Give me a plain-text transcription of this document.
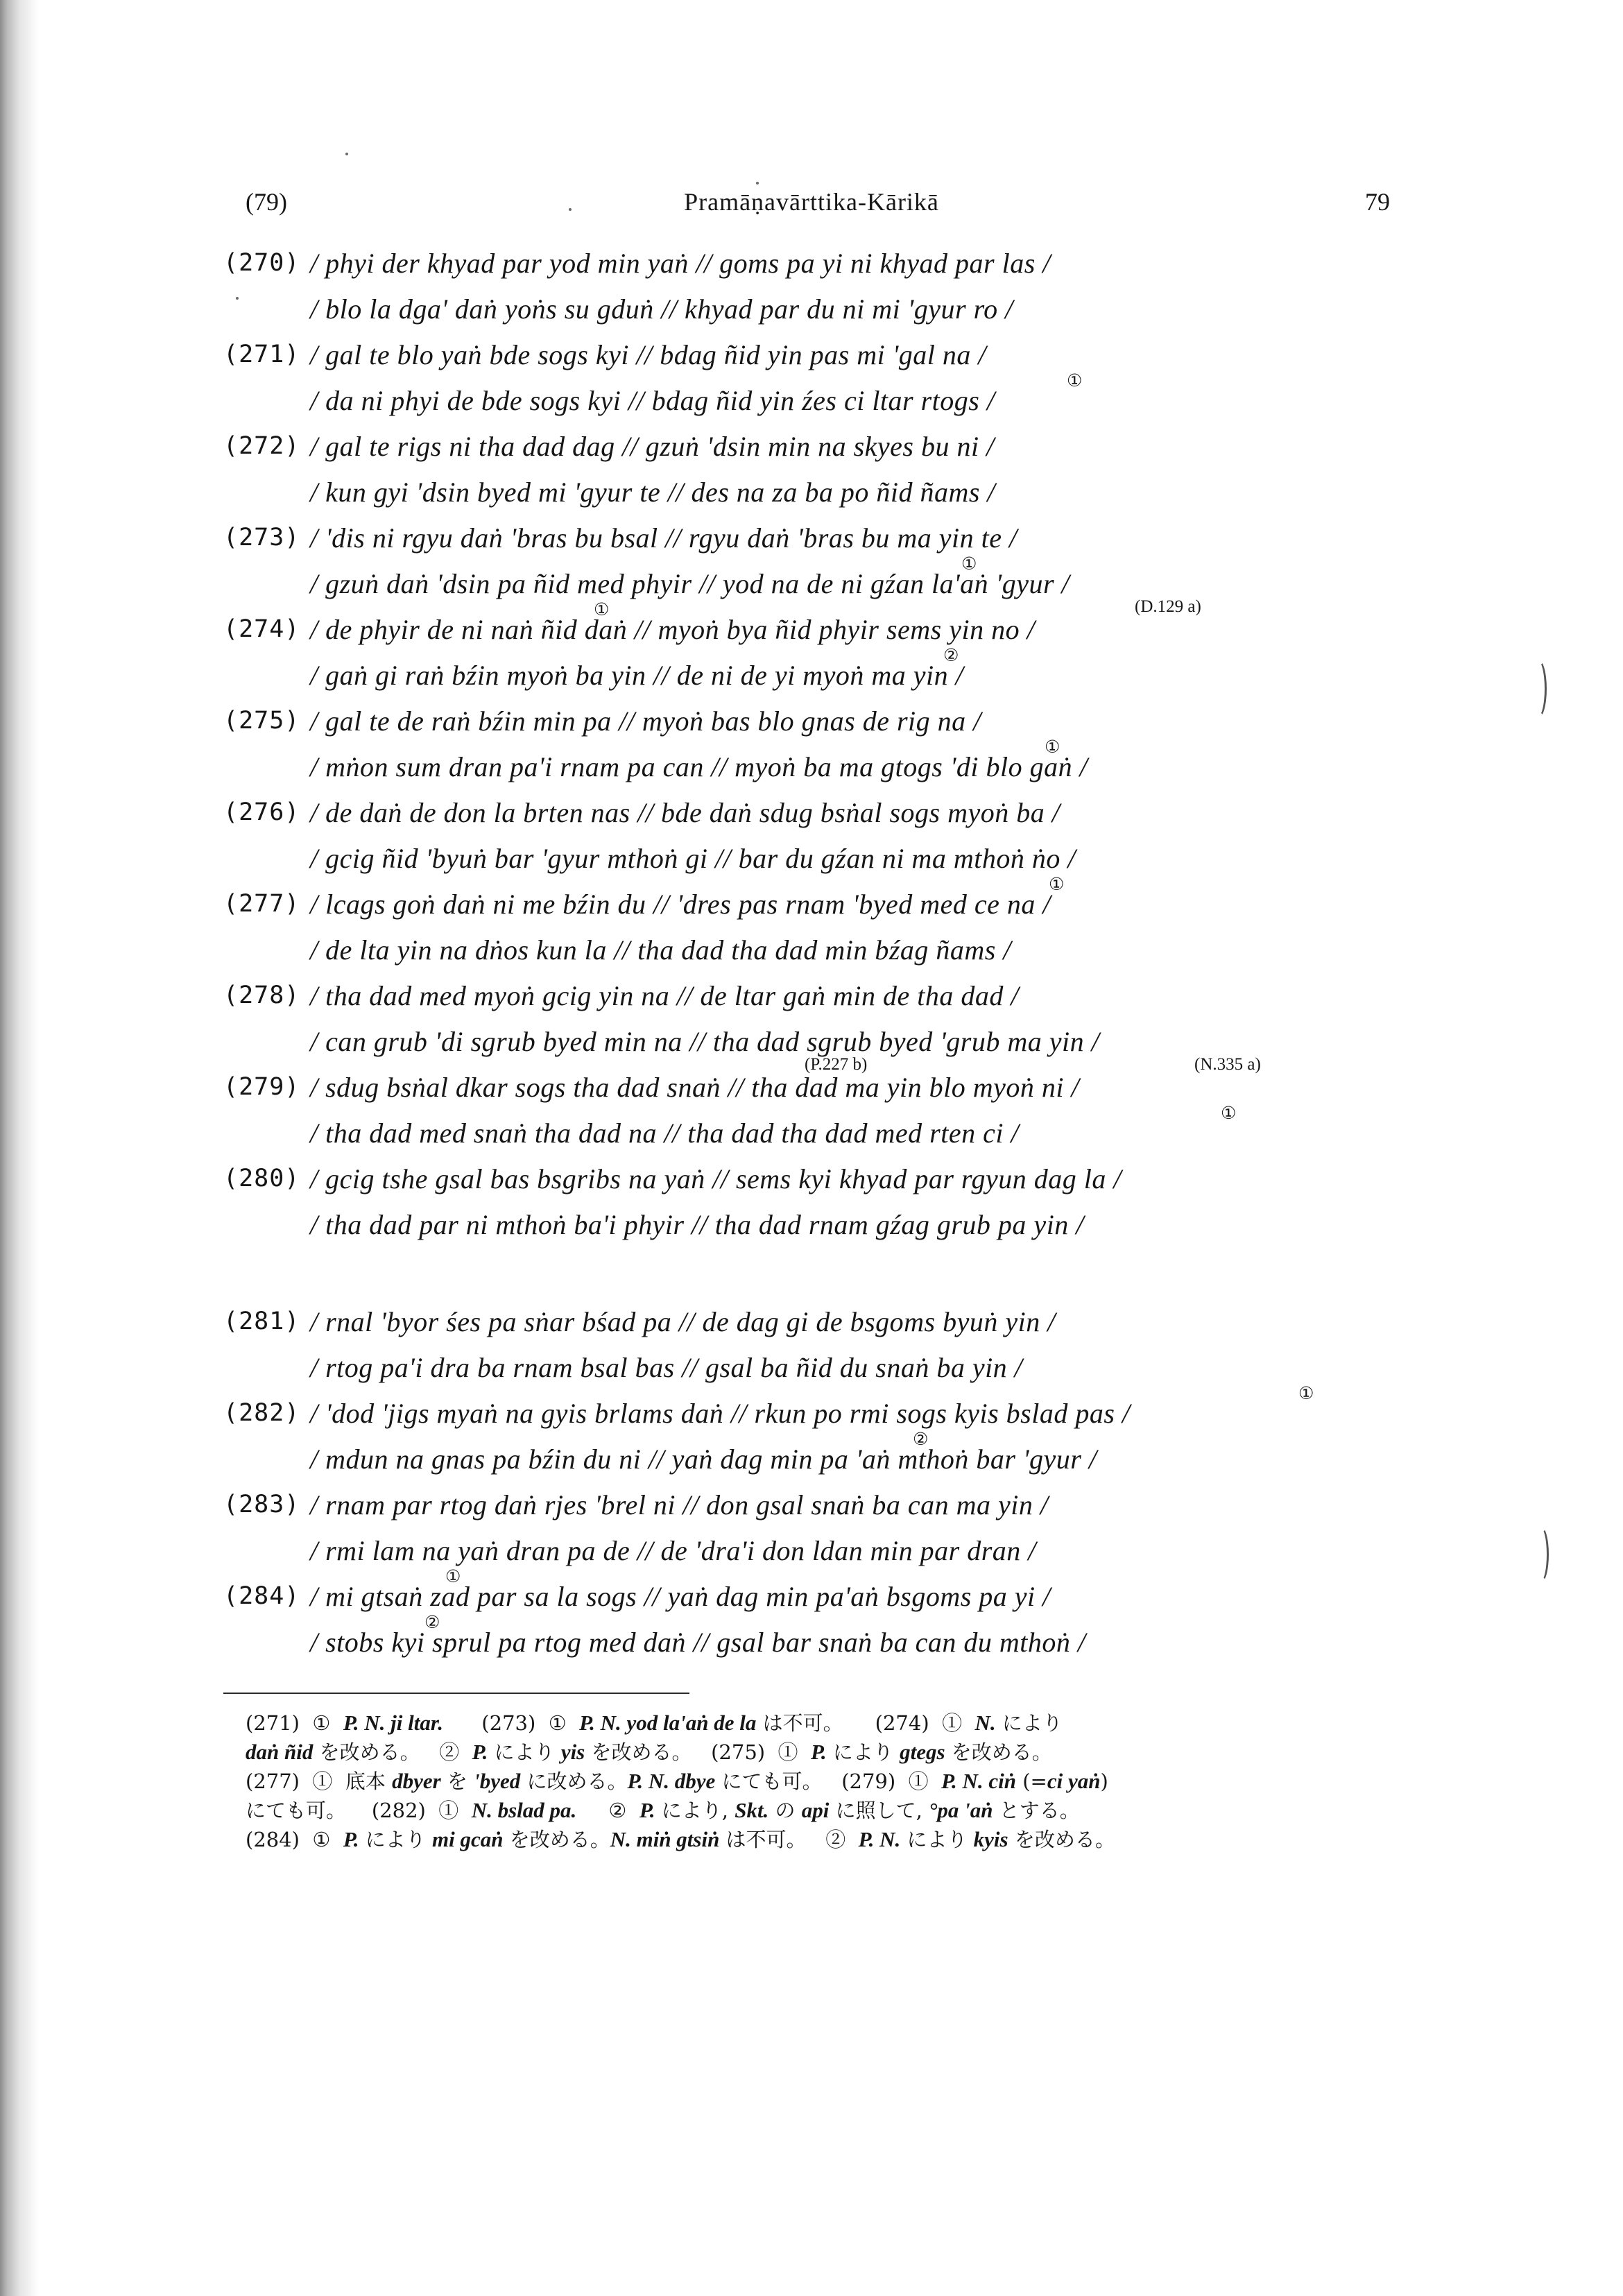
Pramāṇavārttika-Kārikā
(79)	79
(270) / phyi der khyad par yod min yaṅ // goms pa yi ni khyad par las /
/ blo la dga' daṅ yoṅs su gduṅ // khyad par du ni mi 'gyur ro /
(271) / gal te blo yaṅ bde sogs kyi // bdag ñid yin pas mi 'gal na /
/ da ni phyi de bde sogs kyi // bdag ñid yin źes ci ltar rtogs /
(272) / gal te rigs ni tha dad dag // gzuṅ 'dsin min na skyes bu ni /
/ kun gyi 'dsin byed mi 'gyur te // des na za ba po ñid ñams /
(273) / 'dis ni rgyu daṅ 'bras bu bsal // rgyu daṅ 'bras bu ma yin te /
/ gzuṅ daṅ 'dsin pa ñid med phyir // yod na de ni gźan la'aṅ 'gyur /
(274) / de phyir de ni naṅ ñid daṅ // myoṅ bya ñid phyir sems yin no /
/ gaṅ gi raṅ bźin myoṅ ba yin // de ni de yi myoṅ ma yin /
(275) / gal te de raṅ bźin min pa // myoṅ bas blo gnas de rig na /
/ mṅon sum dran pa'i rnam pa can // myoṅ ba ma gtogs 'di blo gaṅ /
(276) / de daṅ de don la brten nas // bde daṅ sdug bsṅal sogs myoṅ ba /
/ gcig ñid 'byuṅ bar 'gyur mthoṅ gi // bar du gźan ni ma mthoṅ ṅo /
(277) / lcags goṅ daṅ ni me bźin du // 'dres pas rnam 'byed med ce na /
/ de lta yin na dṅos kun la // tha dad tha dad min bźag ñams /
(278) / tha dad med myoṅ gcig yin na // de ltar gaṅ min de tha dad /
/ can grub 'di sgrub byed min na // tha dad sgrub byed 'grub ma yin /
(279) / sdug bsṅal dkar sogs tha dad snaṅ // tha dad ma yin blo myoṅ ni /
/ tha dad med snaṅ tha dad na // tha dad tha dad med rten ci /
(280) / gcig tshe gsal bas bsgribs na yaṅ // sems kyi khyad par rgyun dag la /
/ tha dad par ni mthoṅ ba'i phyir // tha dad rnam gźag grub pa yin /
(281) / rnal 'byor śes pa sṅar bśad pa // de dag gi de bsgoms byuṅ yin /
/ rtog pa'i dra ba rnam bsal bas // gsal ba ñid du snaṅ ba yin /
(282) / 'dod 'jigs myaṅ na gyis brlams daṅ // rkun po rmi sogs kyis bslad pas /
/ mdun na gnas pa bźin du ni // yaṅ dag min pa 'aṅ mthoṅ bar 'gyur /
(283) / rnam par rtog daṅ rjes 'brel ni // don gsal snaṅ ba can ma yin /
/ rmi lam na yaṅ dran pa de // de 'dra'i don ldan min par dran /
(284) / mi gtsaṅ zad par sa la sogs // yaṅ dag min pa'aṅ bsgoms pa yi /
/ stobs kyi sprul pa rtog med daṅ // gsal bar snaṅ ba can du mthoṅ /
①
①
①
②
①
①
①
①
②
①
②
(D.129 a)
(P.227 b)	(N.335 a)
(271)  ①  P. N. ji ltar.      (273)  ①  P. N. yod la'aṅ de la は不可。     (274)  ①  N. により
daṅ ñid を改める。   ②  P. により yis を改める。   (275)  ①  P. により gtegs を改める。
(277)  ①  底本 dbyer を 'byed に改める。P. N. dbye にても可。   (279)  ①  P. N. ciṅ (=ci yaṅ)
にても可。    (282)  ①  N. bslad pa.     ②  P. により, Skt. の api に照して, °pa 'aṅ とする。
(284)  ①  P. により mi gcaṅ を改める。N. miṅ gtsiṅ は不可。   ②  P. N. により kyis を改める。
